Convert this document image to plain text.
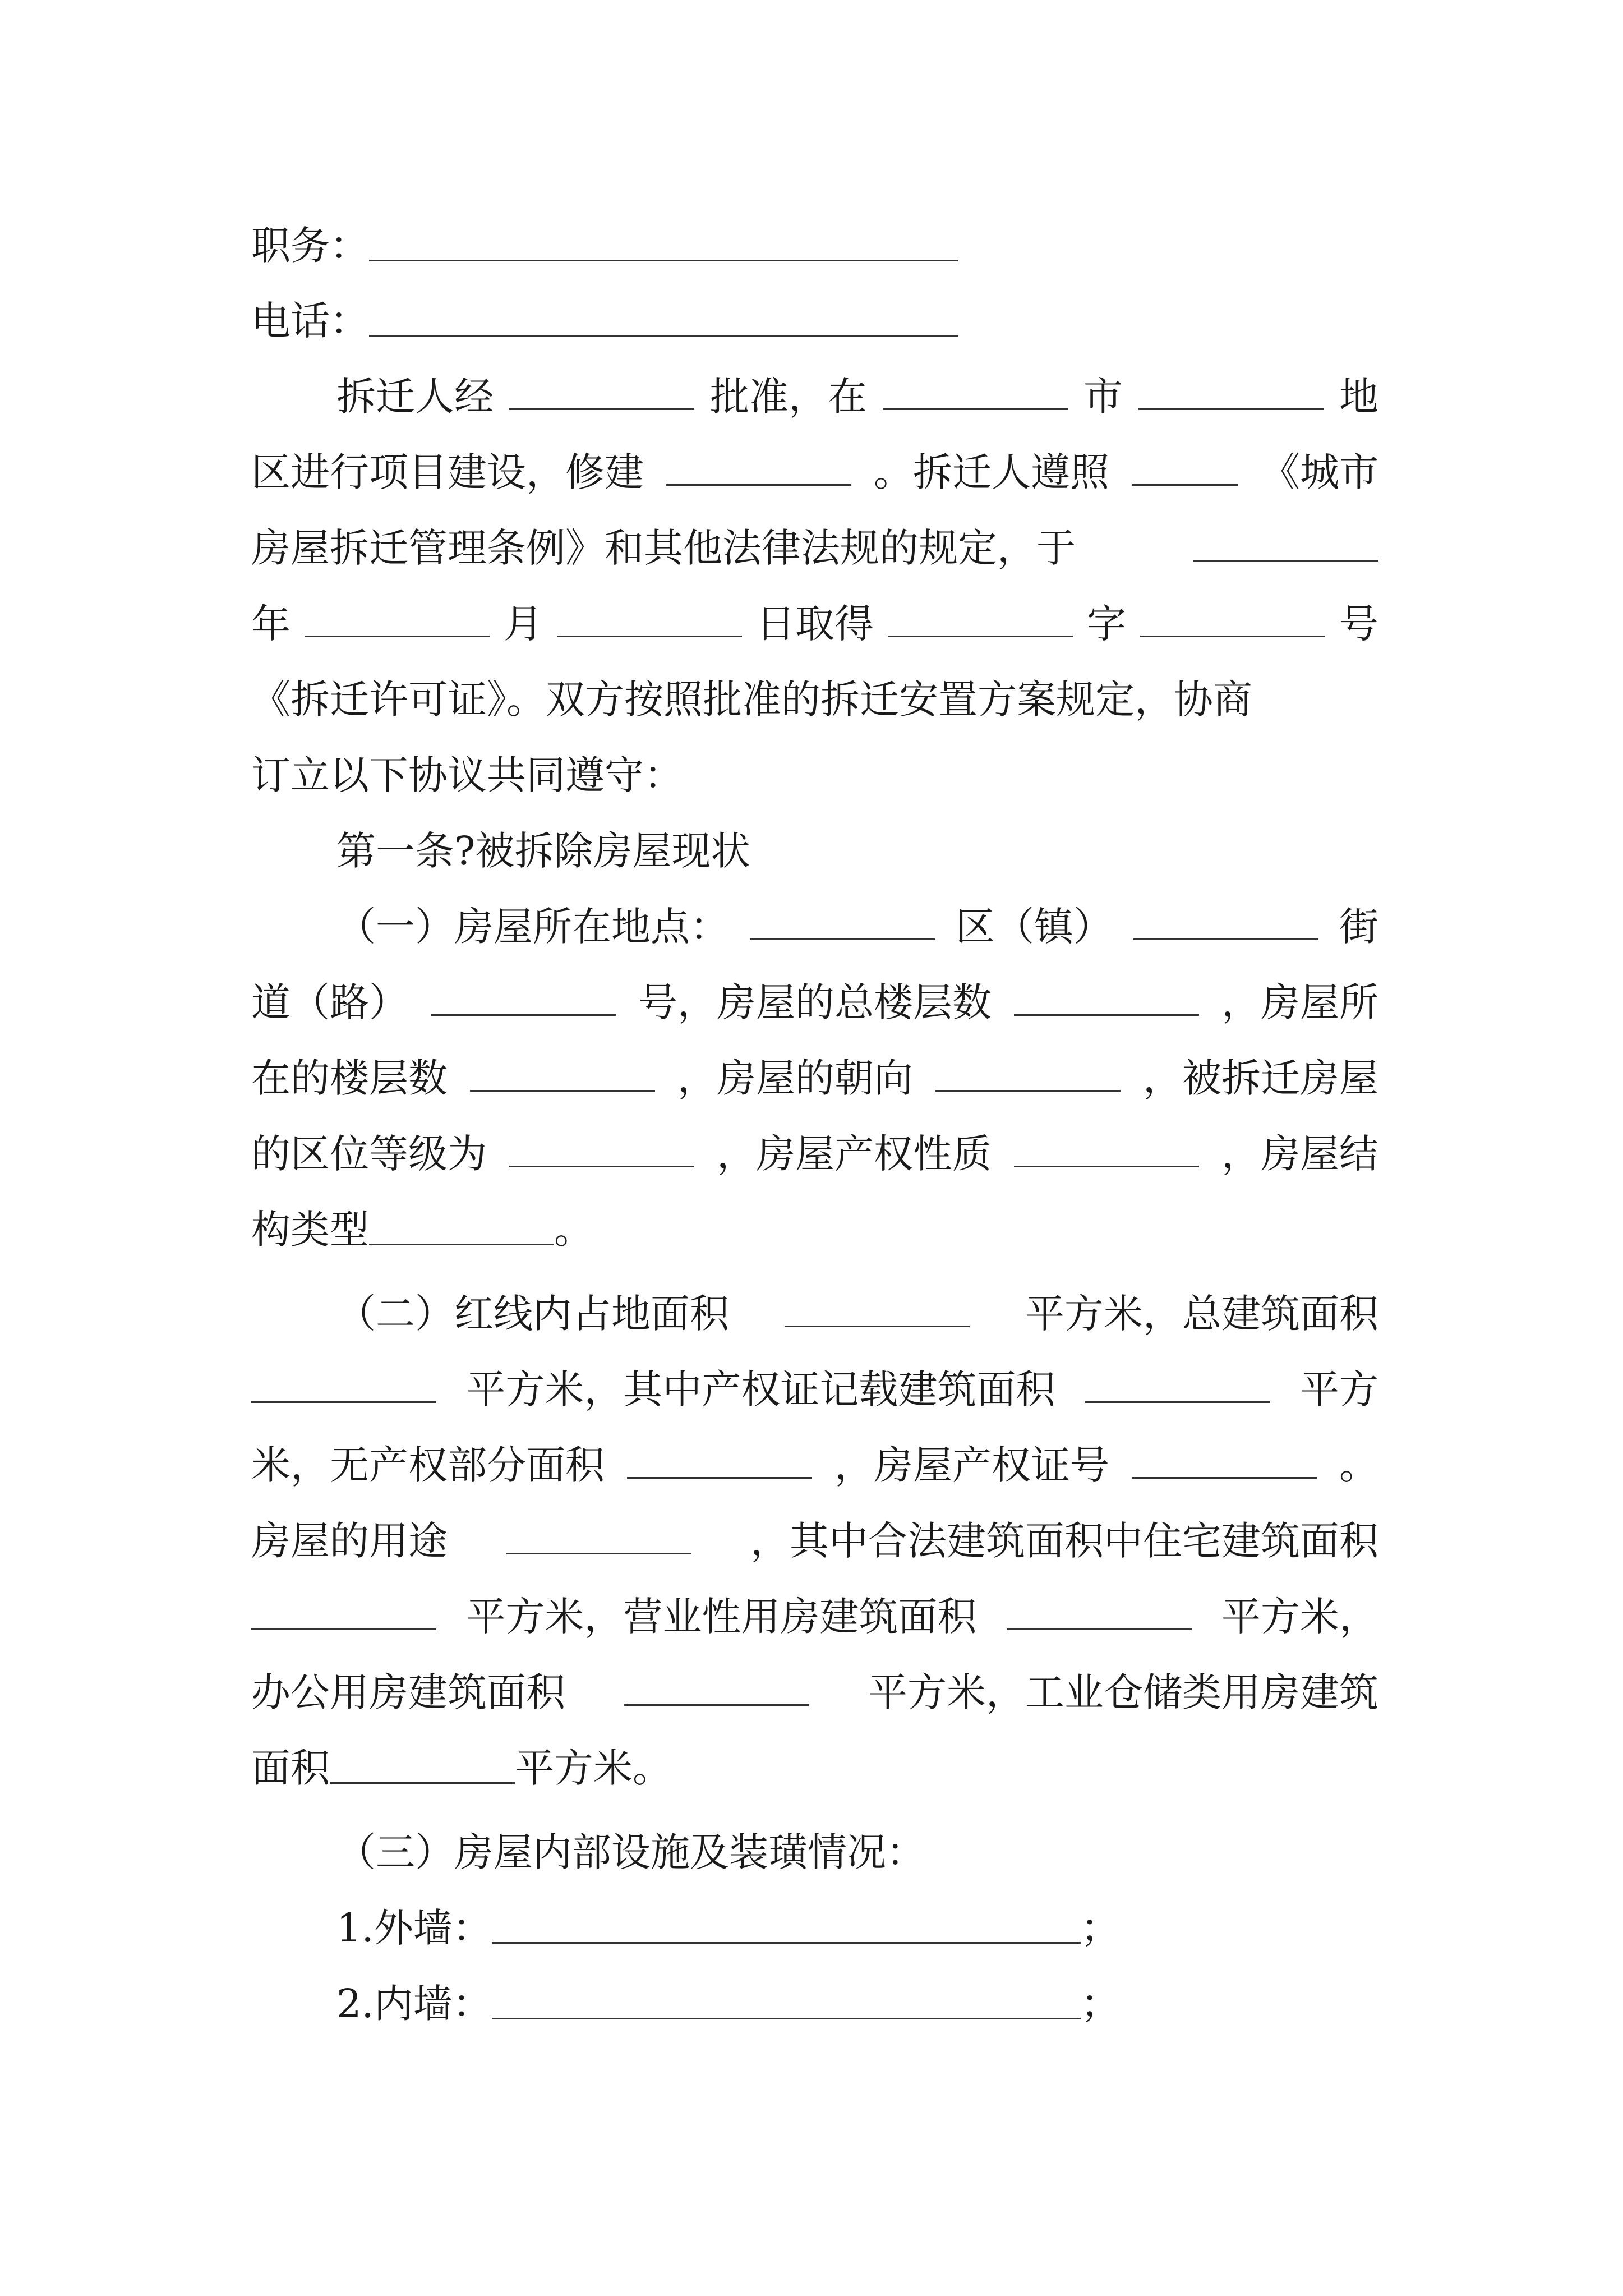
职务：
电话：
拆迁人经	批准，在	市	地
区进行项目建设，修建	。拆迁人遵照	《城市
房屋拆迁管理条例》和其他法律法规的规定，于
年	月	日取得	字	号
《拆迁许可证》。双方按照批准的拆迁安置方案规定，协商
订立以下协议共同遵守：
第一条?被拆除房屋现状
（一）房屋所在地点：	区（镇）	街
道（路）	号，房屋的总楼层数	，房屋所
在的楼层数	，房屋的朝向	，被拆迁房屋
的区位等级为	，房屋产权性质	，房屋结
构类型	。
（二）红线内占地面积	平方米，总建筑面积
平方米，其中产权证记载建筑面积	平方
米，无产权部分面积	，房屋产权证号	。
房屋的用途	，其中合法建筑面积中住宅建筑面积
平方米，营业性用房建筑面积	平方米，
办公用房建筑面积	平方米，工业仓储类用房建筑
面积	平方米。
（三）房屋内部设施及装璜情况：
1.外墙：	；
2.内墙：	；
